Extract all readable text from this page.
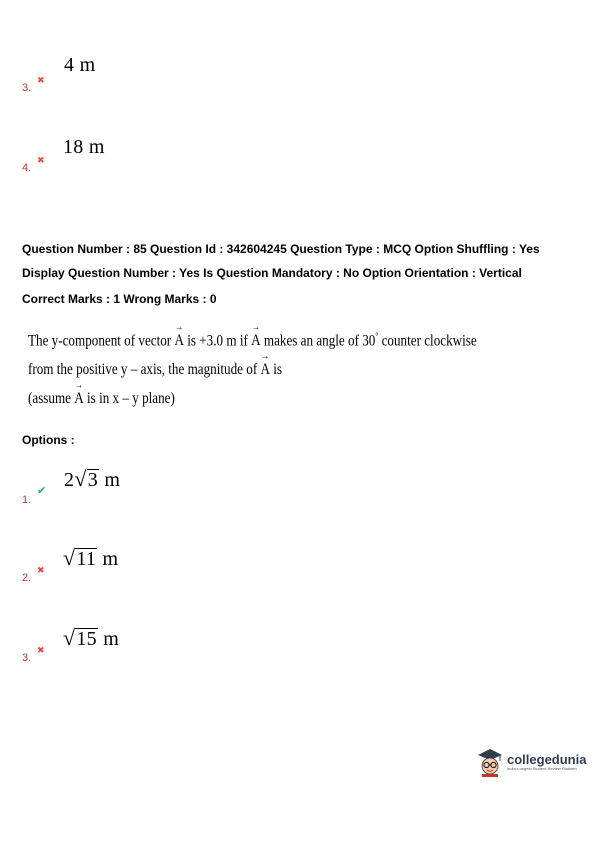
4 m
✖
3.
18 m
✖
4.
Question Number : 85 Question Id : 342604245 Question Type : MCQ Option Shuffling : Yes
Display Question Number : Yes Is Question Mandatory : No Option Orientation : Vertical
Correct Marks : 1 Wrong Marks : 0
The y-component of vector → A is +3.0 m if → A makes an angle of 30° counter clockwise
from the positive y – axis, the magnitude of → A is
(assume → A is in x – y plane)
Options :
2√3 m
✔
1.
√11 m
✖
2.
√15 m
✖
3.
collegedunia
India's largest Student Review Platform
